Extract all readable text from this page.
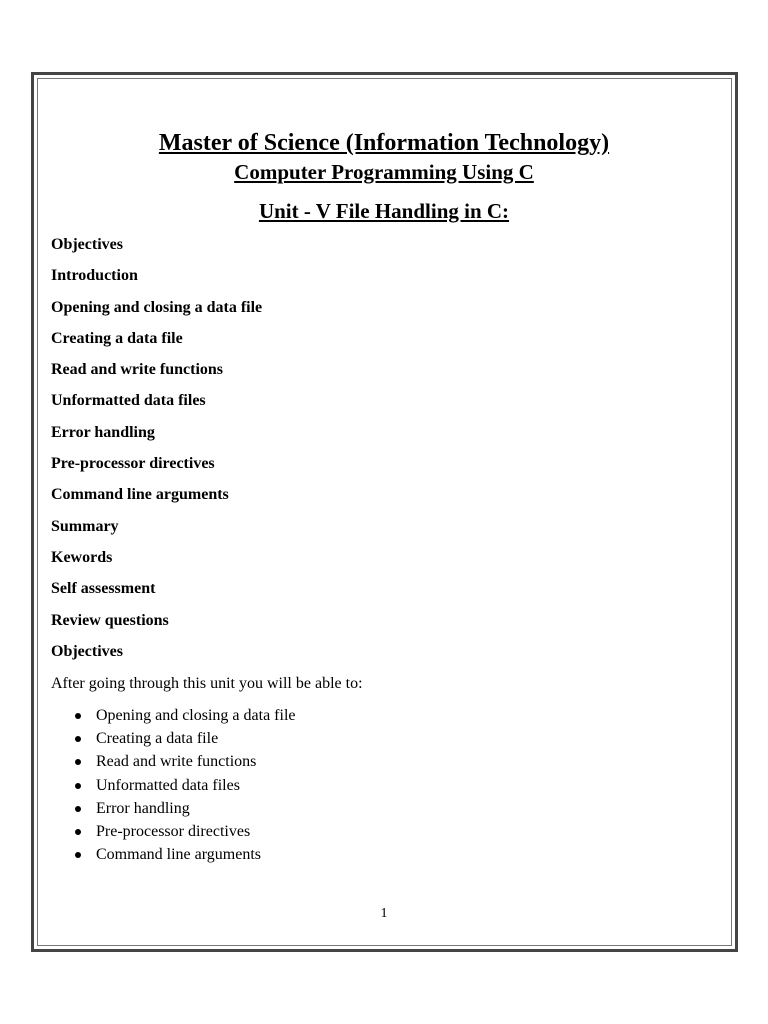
Master of Science (Information Technology)
Computer Programming Using C
Unit - V File Handling in C:
Objectives
Introduction
Opening and closing a data file
Creating a data file
Read and write functions
Unformatted data files
Error handling
Pre-processor directives
Command line arguments
Summary
Kewords
Self assessment
Review questions
Objectives
After going through this unit you will be able to:
Opening and closing a data file
Creating a data file
Read and write functions
Unformatted data files
Error handling
Pre-processor directives
Command line arguments
1
